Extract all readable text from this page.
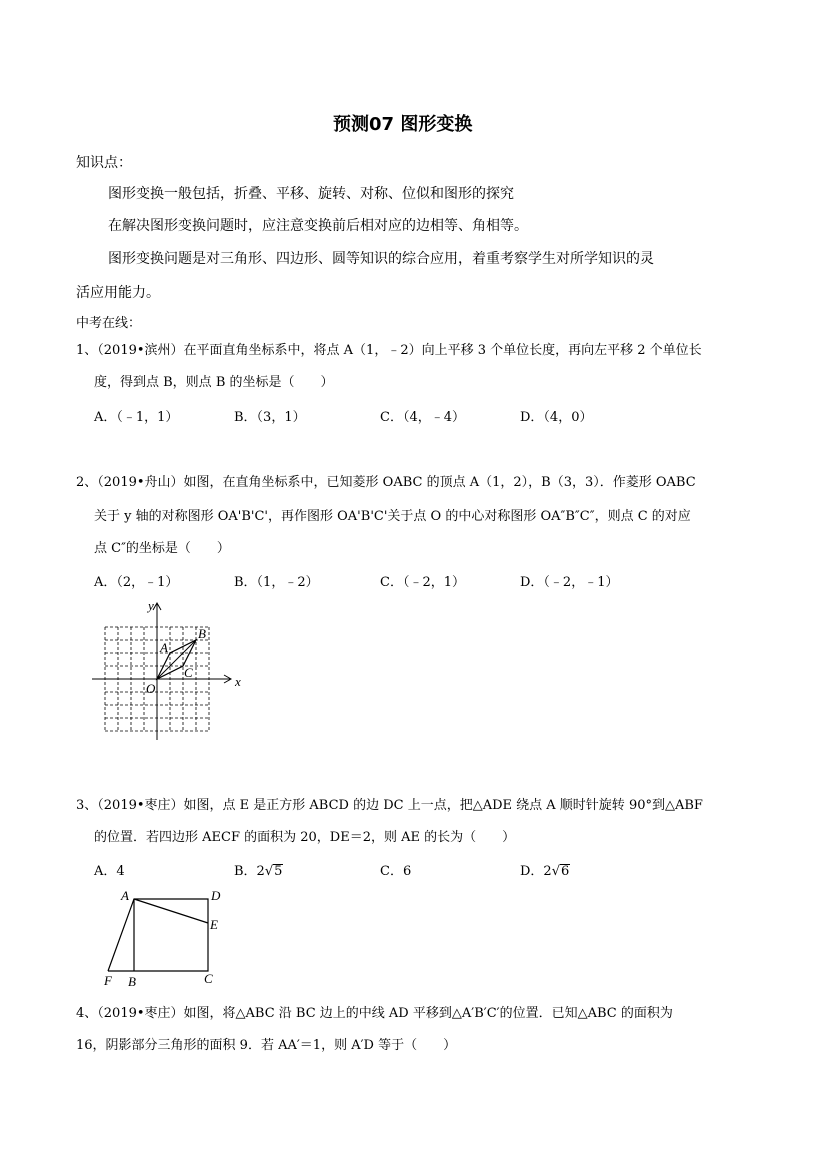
预测07 图形变换
知识点：
图形变换一般包括，折叠、平移、旋转、对称、位似和图形的探究
在解决图形变换问题时，应注意变换前后相对应的边相等、角相等。
图形变换问题是对三角形、四边形、圆等知识的综合应用，着重考察学生对所学知识的灵
活应用能力。
中考在线：
1、（2019•滨州）在平面直角坐标系中，将点 A（1，﹣2）向上平移 3 个单位长度，再向左平移 2 个单位长
度，得到点 B，则点 B 的坐标是（　　）
A．（﹣1，1）	B．（3，1）	C．（4，﹣4）	D．（4，0）
2、（2019•舟山）如图，在直角坐标系中，已知菱形 OABC 的顶点 A（1，2），B（3，3）．作菱形 OABC
关于 y 轴的对称图形 OA'B'C'，再作图形 OA'B'C'关于点 O 的中心对称图形 OA″B″C″，则点 C 的对应
点 C″的坐标是（　　）
A．（2，﹣1）	B．（1，﹣2）	C．（﹣2，1）	D．（﹣2，﹣1）
y
x
O
A
B
C
3、（2019•枣庄）如图，点 E 是正方形 ABCD 的边 DC 上一点，把△ADE 绕点 A 顺时针旋转 90°到△ABF
的位置．若四边形 AECF 的面积为 20，DE＝2，则 AE 的长为（　　）
A．4	B．2√5	C．6	D．2√6
A	D
E
F B	C
4、（2019•枣庄）如图，将△ABC 沿 BC 边上的中线 AD 平移到△A′B′C′的位置．已知△ABC 的面积为
16，阴影部分三角形的面积 9．若 AA′＝1，则 A′D 等于（　　）
